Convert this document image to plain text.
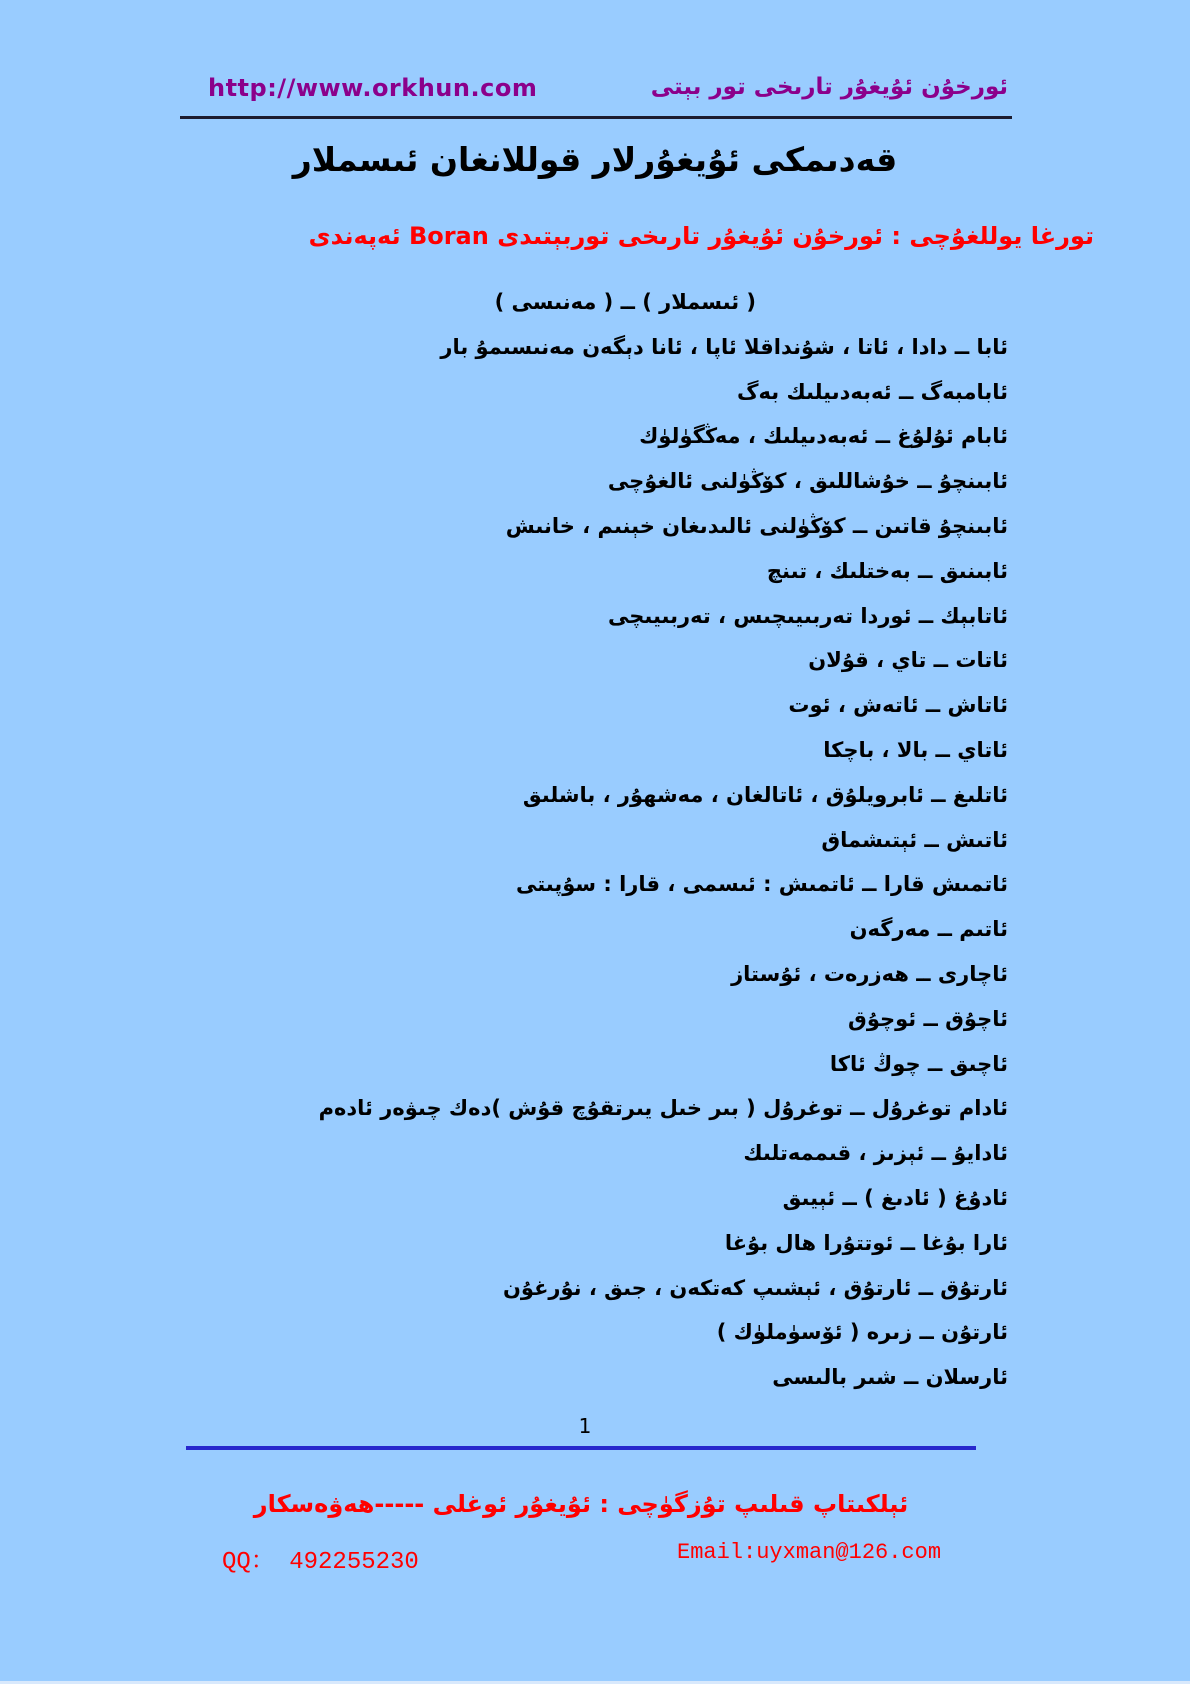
http://www.orkhun.com	ئورخۇن ئۇيغۇر تارىخى تور بېتى
قەدىمكى ئۇيغۇرلار قوللانغان ئىسملار
تورغا يوللغۇچى : ئورخۇن ئۇيغۇر تارىخى توربېتىدى Boran ئەپەندى
( ئىسملار ) ــ ( مەنىسى )
ئابا ــ دادا ، ئاتا ، شۇنداقلا ئاپا ، ئانا دېگەن مەنىسىمۇ بار
ئابامبەگ ــ ئەبەدىيلىك بەگ
ئابام ئۇلۇغ ــ ئەبەدىيلىك ، مەڭگۈلۈك
ئابىنچۇ ــ خۇشاللىق ، كۆڭۈلنى ئالغۇچى
ئابىنچۇ قاتىن ــ كۆڭۈلنى ئالىدىغان خېنىم ، خانىش
ئابىنىق ــ بەختلىك ، تىنچ
ئاتابېك ــ ئوردا تەربىيىچىس ، تەربىيىچى
ئاتات ــ تاي ، قۇلان
ئاتاش ــ ئاتەش ، ئوت
ئاتاي ــ بالا ، باچكا
ئاتلىغ ــ ئابرويلۇق ، ئاتالغان ، مەشھۇر ، باشلىق
ئاتىش ــ ئېتىشماق
ئاتمىش قارا ــ ئاتمىش : ئىسمى ، قارا : سۇپىتى
ئاتىم ــ مەرگەن
ئاچارى ــ ھەزرەت ، ئۇستاز
ئاچۇق ــ ئوچۇق
ئاچىق ــ چوڭ ئاكا
ئادام توغرۇل ــ توغرۇل ( بىر خىل يىرتقۇچ قۇش )دەك چىۋەر ئادەم
ئادايۇ ــ ئېزىز ، قىممەتلىك
ئادۇغ ( ئادىغ ) ــ ئېيىق
ئارا بۇغا ــ ئوتتۇرا ھال بۇغا
ئارتۇق ــ ئارتۇق ، ئېشىپ كەتكەن ، جىق ، نۇرغۇن
ئارتۇن ــ زىرە ( ئۆسۈملۈك )
ئارسلان ــ شىر بالىسى
1
ئېلكىتاپ قىلىپ تۇزگۈچى : ئۇيغۇر ئوغلى -----ھەۋەسكار
QQ： 492255230	Email:uyxman@126.com
